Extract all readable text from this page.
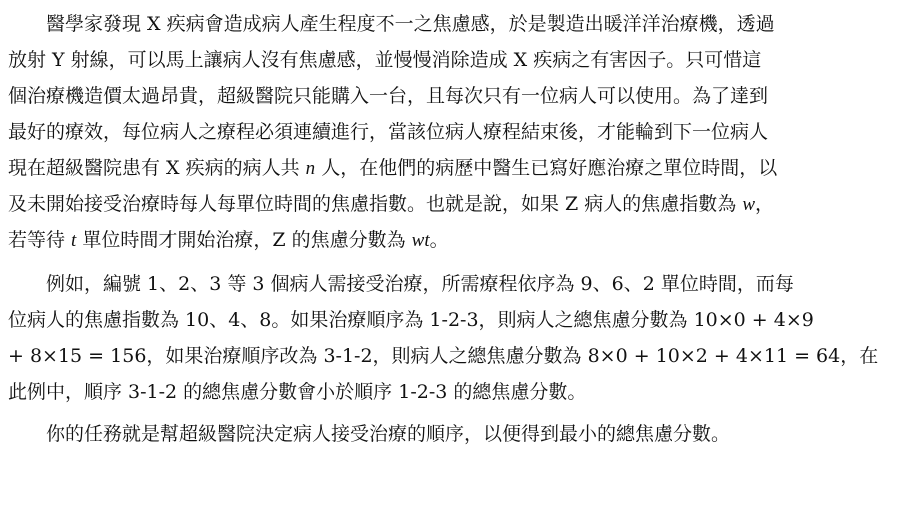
醫學家發現 X 疾病會造成病人產生程度不一之焦慮感，於是製造出暖洋洋治療機，透過
放射 Y 射線，可以馬上讓病人沒有焦慮感，並慢慢消除造成 X 疾病之有害因子。只可惜這
個治療機造價太過昂貴，超級醫院只能購入一台，且每次只有一位病人可以使用。為了達到
最好的療效，每位病人之療程必須連續進行，當該位病人療程結束後，才能輪到下一位病人
現在超級醫院患有 X 疾病的病人共 n 人，在他們的病歷中醫生已寫好應治療之單位時間，以
及未開始接受治療時每人每單位時間的焦慮指數。也就是說，如果 Z 病人的焦慮指數為 w，
若等待 t 單位時間才開始治療，Z 的焦慮分數為 wt。
例如，編號 1、2、3 等 3 個病人需接受治療，所需療程依序為 9、6、2 單位時間，而每
位病人的焦慮指數為 10、4、8。如果治療順序為 1-2-3，則病人之總焦慮分數為 10×0 + 4×9
+ 8×15 = 156，如果治療順序改為 3-1-2，則病人之總焦慮分數為 8×0 + 10×2 + 4×11 = 64，在
此例中，順序 3-1-2 的總焦慮分數會小於順序 1-2-3 的總焦慮分數。
你的任務就是幫超級醫院決定病人接受治療的順序，以便得到最小的總焦慮分數。
